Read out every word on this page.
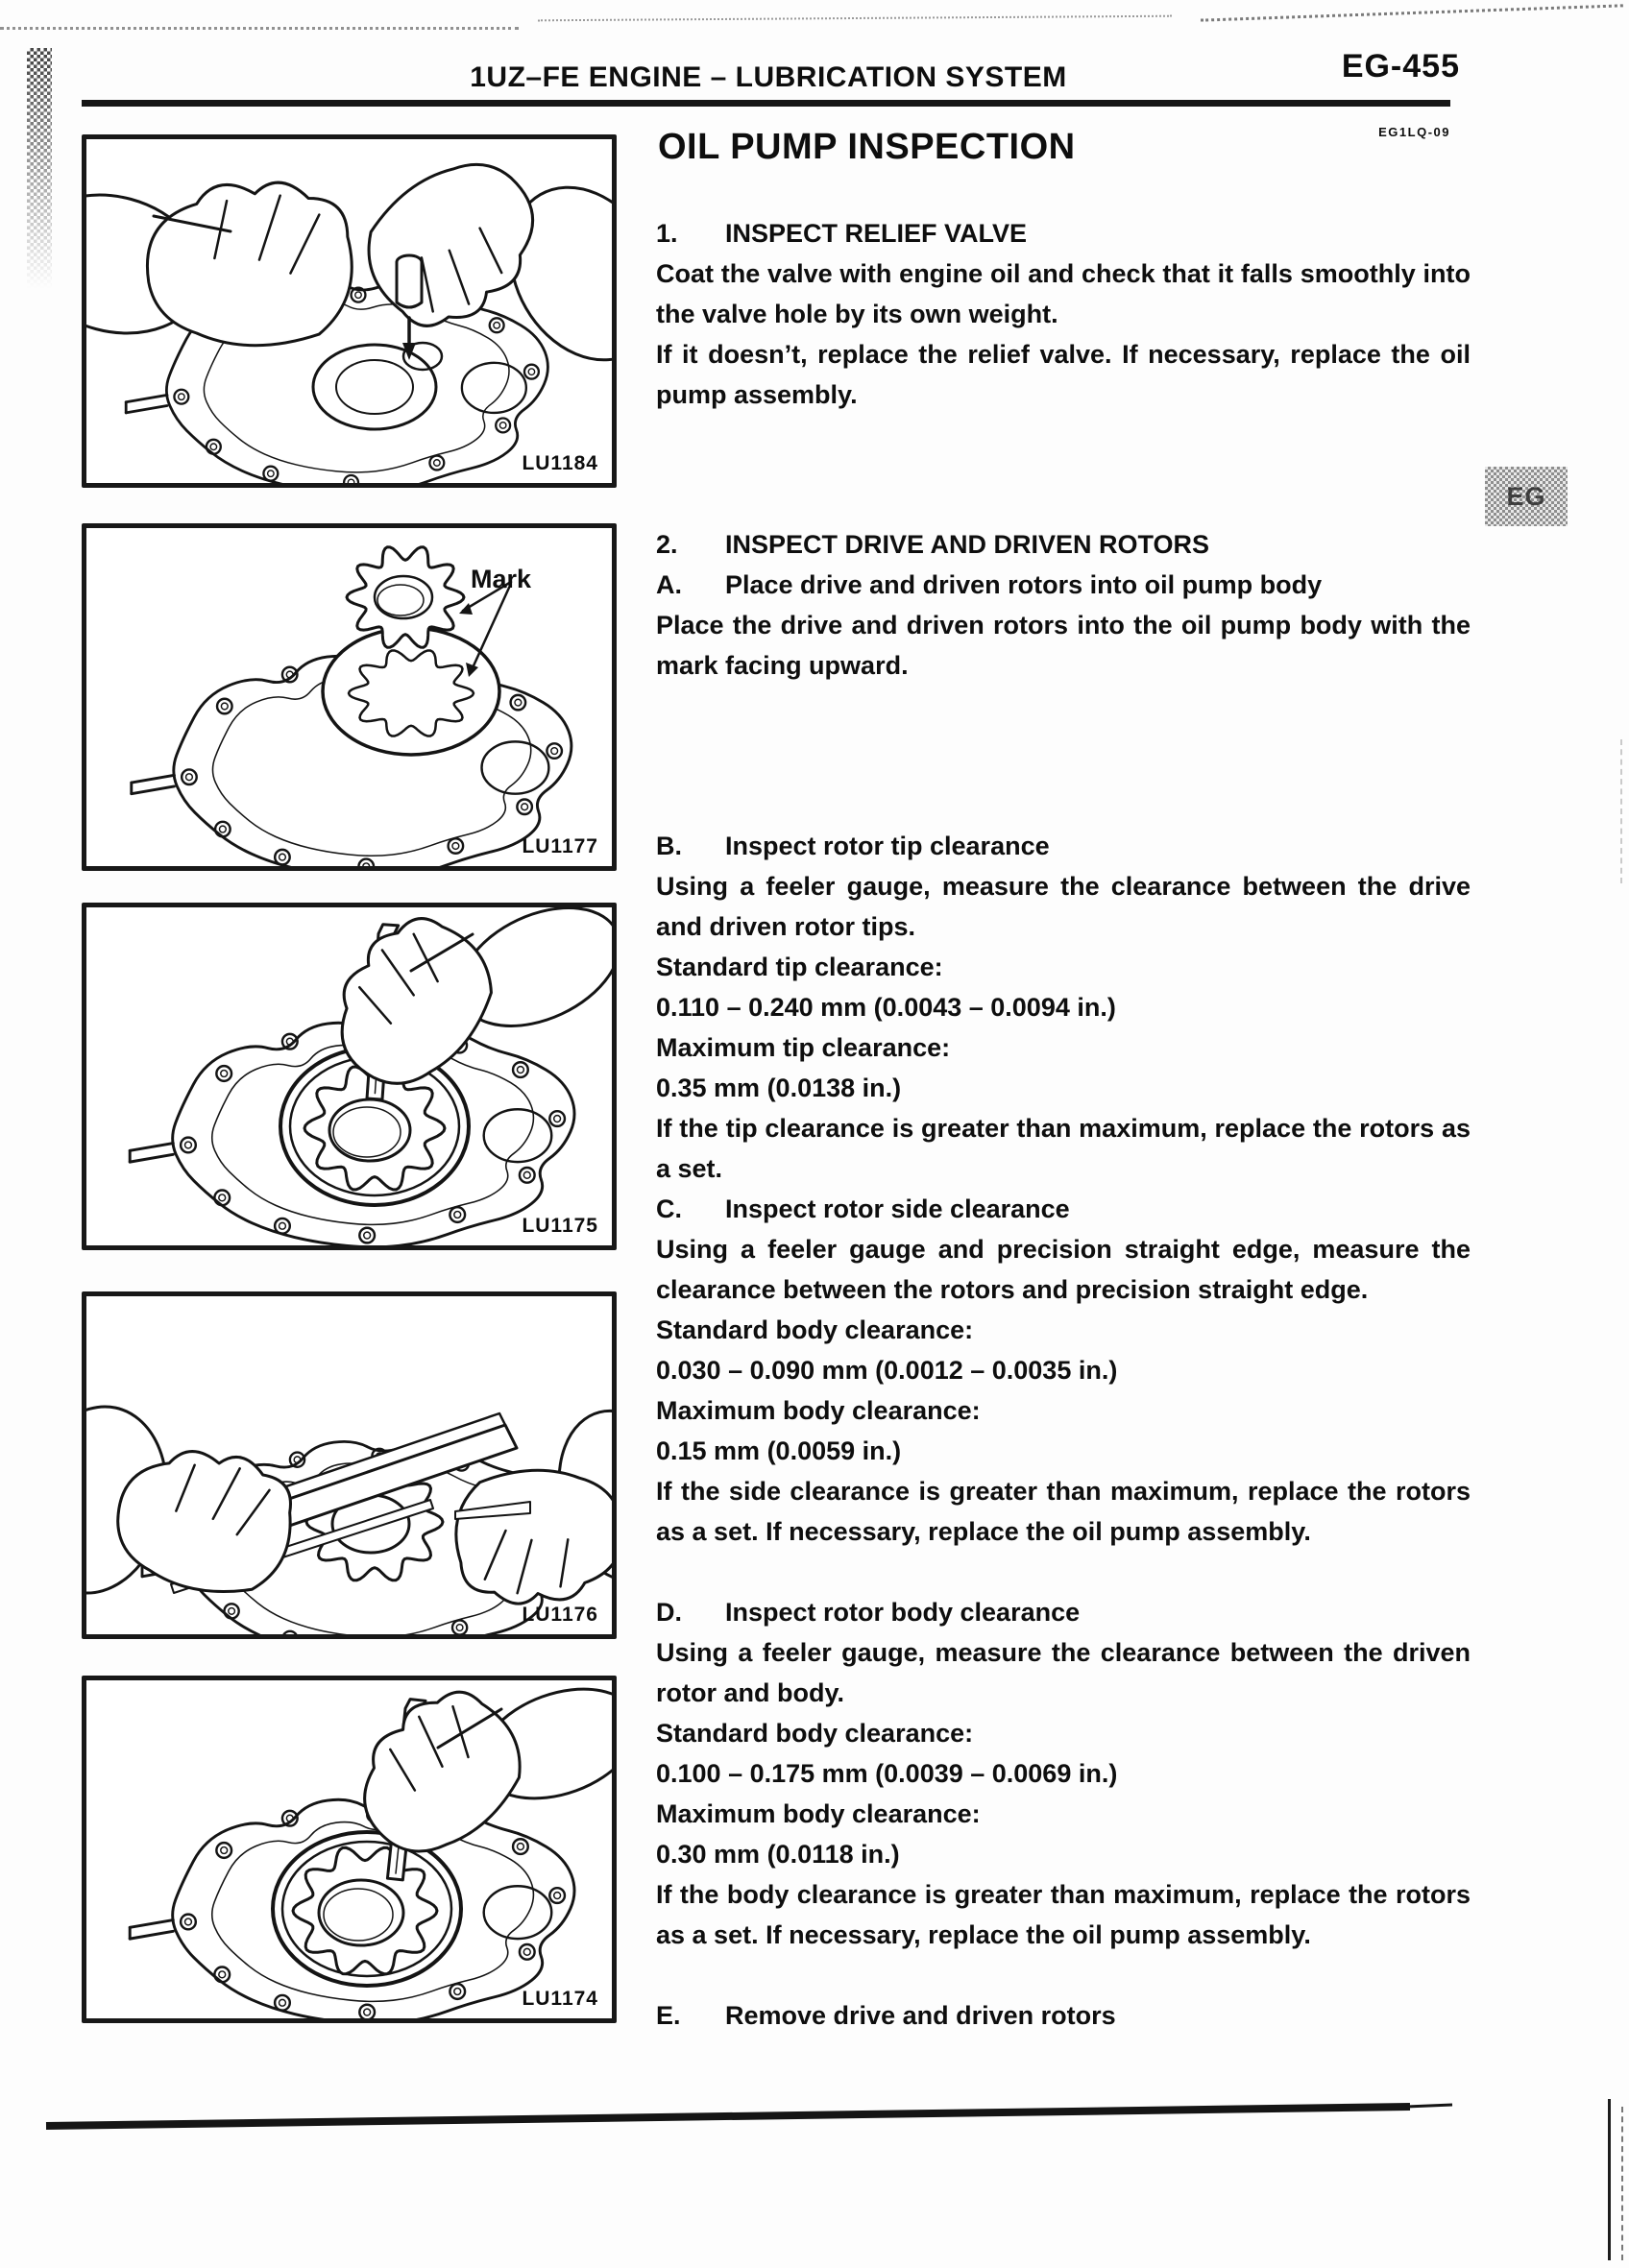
1UZ–FE ENGINE – LUBRICATION SYSTEM	EG-455
EG1LQ-09
OIL PUMP INSPECTION
EG
LU1184
Mark
LU1177
LU1175
LU1176
LU1174
1.	INSPECT RELIEF VALVE

Coat the valve with engine oil and check that it falls smoothly into the valve hole by its own weight.

If it doesn’t, replace the relief valve. If necessary, replace the oil pump assembly.

2.	INSPECT DRIVE AND DRIVEN ROTORS
A.	Place drive and driven rotors into oil pump body

Place the drive and driven rotors into the oil pump body with the mark facing upward.

B.	Inspect rotor tip clearance

Using a feeler gauge, measure the clearance between the drive and driven rotor tips.

Standard tip clearance:

0.110 – 0.240 mm (0.0043 – 0.0094 in.)

Maximum tip clearance:

0.35 mm (0.0138 in.)

If the tip clearance is greater than maximum, replace the rotors as a set.

C.	Inspect rotor side clearance

Using a feeler gauge and precision straight edge, measure the clearance between the rotors and precision straight edge.

Standard body clearance:

0.030 – 0.090 mm (0.0012 – 0.0035 in.)

Maximum body clearance:

0.15 mm (0.0059 in.)

If the side clearance is greater than maximum, replace the rotors as a set. If necessary, replace the oil pump assembly.

D.	Inspect rotor body clearance

Using a feeler gauge, measure the clearance between the driven rotor and body.

Standard body clearance:

0.100 – 0.175 mm (0.0039 – 0.0069 in.)

Maximum body clearance:

0.30 mm (0.0118 in.)

If the body clearance is greater than maximum, replace the rotors as a set. If necessary, replace the oil pump assembly.

E.	Remove drive and driven rotors
